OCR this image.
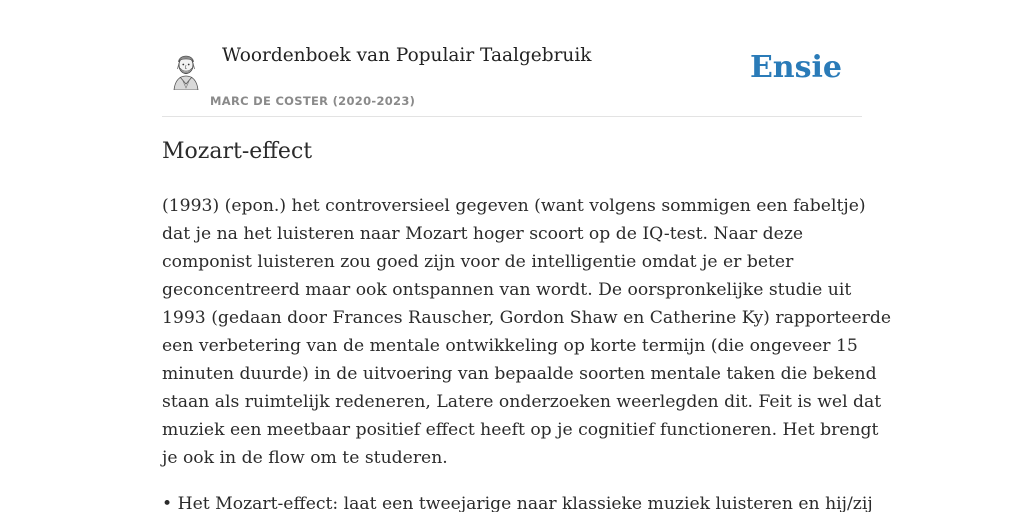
Woordenboek van Populair Taalgebruik
MARC DE COSTER (2020-2023)
Ensie
Mozart-effect

(1993) (epon.) het controversieel gegeven (want volgens sommigen een fabeltje)
dat je na het luisteren naar Mozart hoger scoort op de IQ-test. Naar deze
componist luisteren zou goed zijn voor de intelligentie omdat je er beter
geconcentreerd maar ook ontspannen van wordt. De oorspronkelijke studie uit
1993 (gedaan door Frances Rauscher, Gordon Shaw en Catherine Ky) rapporteerde
een verbetering van de mentale ontwikkeling op korte termijn (die ongeveer 15
minuten duurde) in de uitvoering van bepaalde soorten mentale taken die bekend
staan als ruimtelijk redeneren, Latere onderzoeken weerlegden dit. Feit is wel dat
muziek een meetbaar positief effect heeft op je cognitief functioneren. Het brengt
je ook in de flow om te studeren.

• Het Mozart-effect: laat een tweejarige naar klassieke muziek luisteren en hij/zij
